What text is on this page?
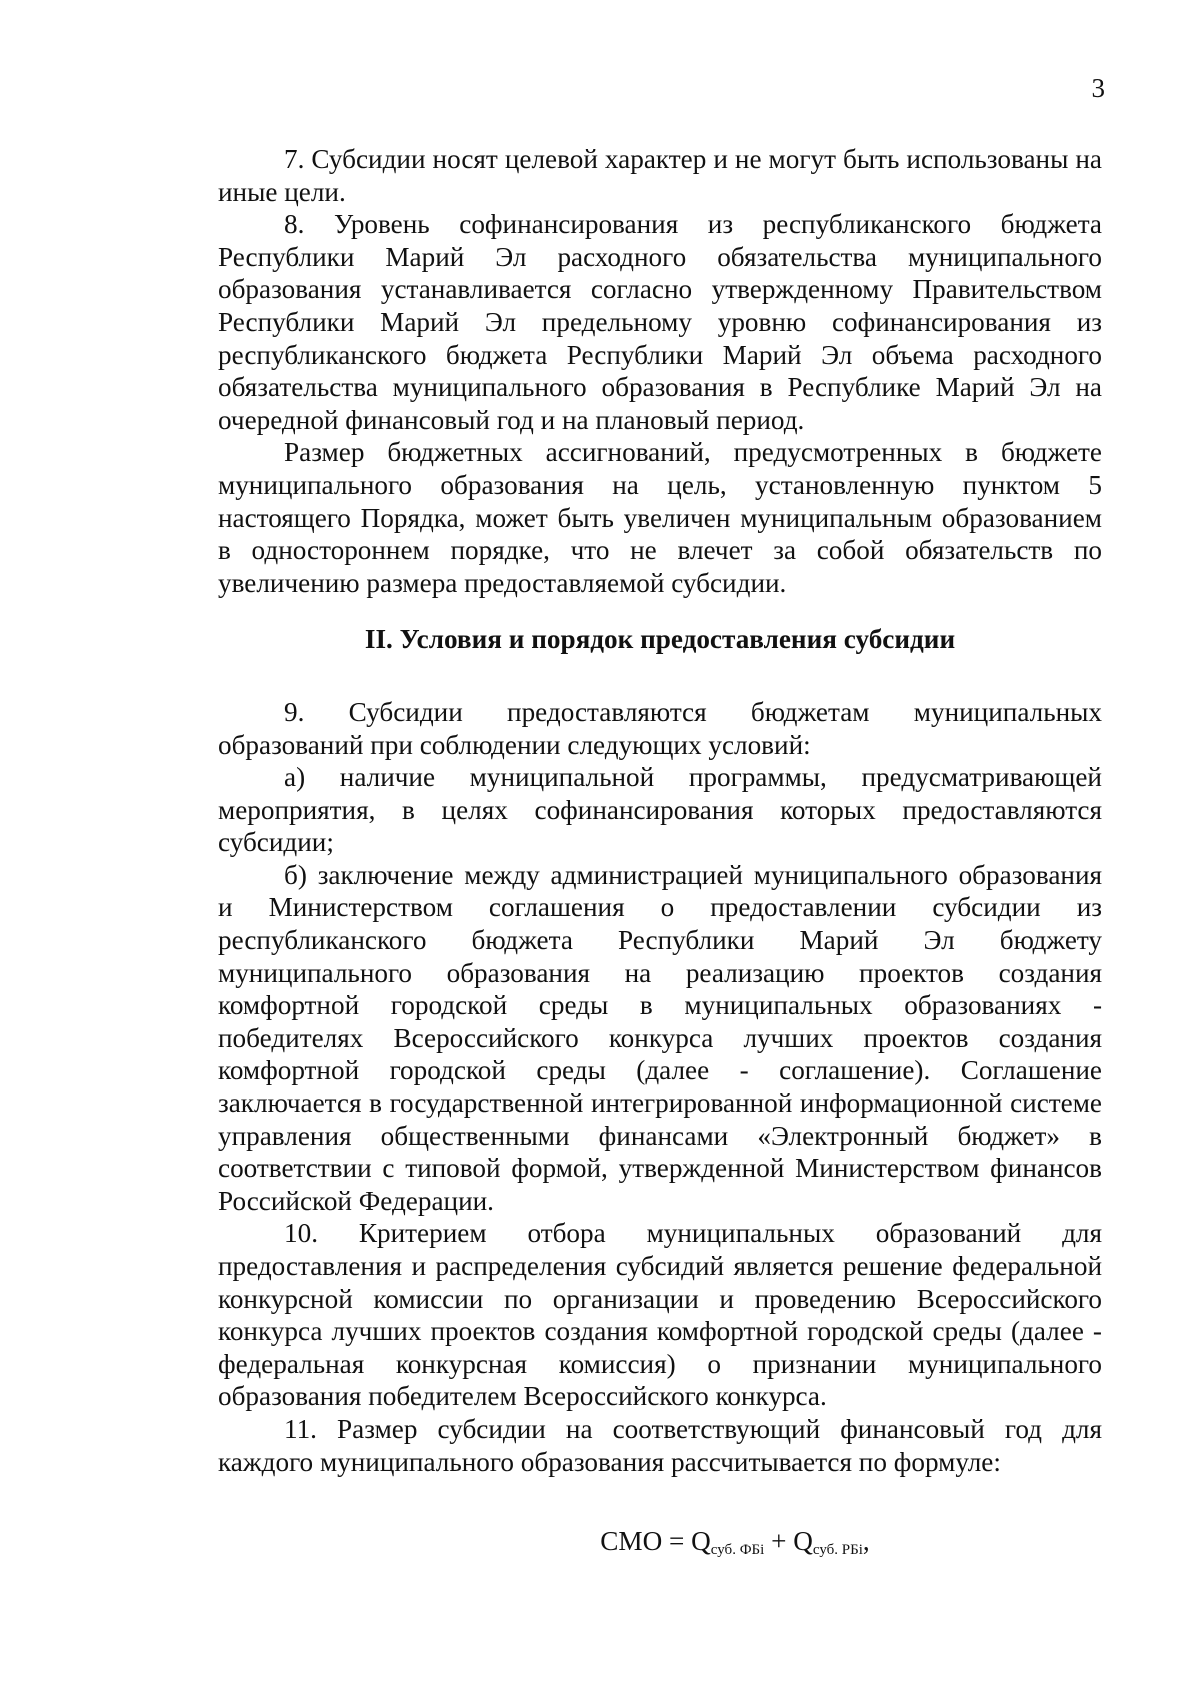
3

7. Субсидии носят целевой характер и не могут быть использованы на иные цели.

8. Уровень софинансирования из республиканского бюджета Республики Марий Эл расходного обязательства муниципального образования устанавливается согласно утвержденному Правительством Республики Марий Эл предельному уровню софинансирования из республиканского бюджета Республики Марий Эл объема расходного обязательства муниципального образования в Республике Марий Эл на очередной финансовый год и на плановый период.

Размер бюджетных ассигнований, предусмотренных в бюджете муниципального образования на цель, установленную пунктом 5 настоящего Порядка, может быть увеличен муниципальным образованием в одностороннем порядке, что не влечет за собой обязательств по увеличению размера предоставляемой субсидии.

II. Условия и порядок предоставления субсидии

9. Субсидии предоставляются бюджетам муниципальных образований при соблюдении следующих условий:

а) наличие муниципальной программы, предусматривающей мероприятия, в целях софинансирования которых предоставляются субсидии;

б) заключение между администрацией муниципального образования и Министерством соглашения о предоставлении субсидии из республиканского бюджета Республики Марий Эл бюджету муниципального образования на реализацию проектов создания комфортной городской среды в муниципальных образованиях - победителях Всероссийского конкурса лучших проектов создания комфортной городской среды (далее - соглашение). Соглашение заключается в государственной интегрированной информационной системе управления общественными финансами «Электронный бюджет» в соответствии с типовой формой, утвержденной Министерством финансов Российской Федерации.

10. Критерием отбора муниципальных образований для предоставления и распределения субсидий является решение федеральной конкурсной комиссии по организации и проведению Всероссийского конкурса лучших проектов создания комфортной городской среды (далее - федеральная конкурсная комиссия) о признании муниципального образования победителем Всероссийского конкурса.

11. Размер субсидии на соответствующий финансовый год для каждого муниципального образования рассчитывается по формуле:

СМО = $Q_{суб. ФБi} + Q_{суб. РБi}$,
